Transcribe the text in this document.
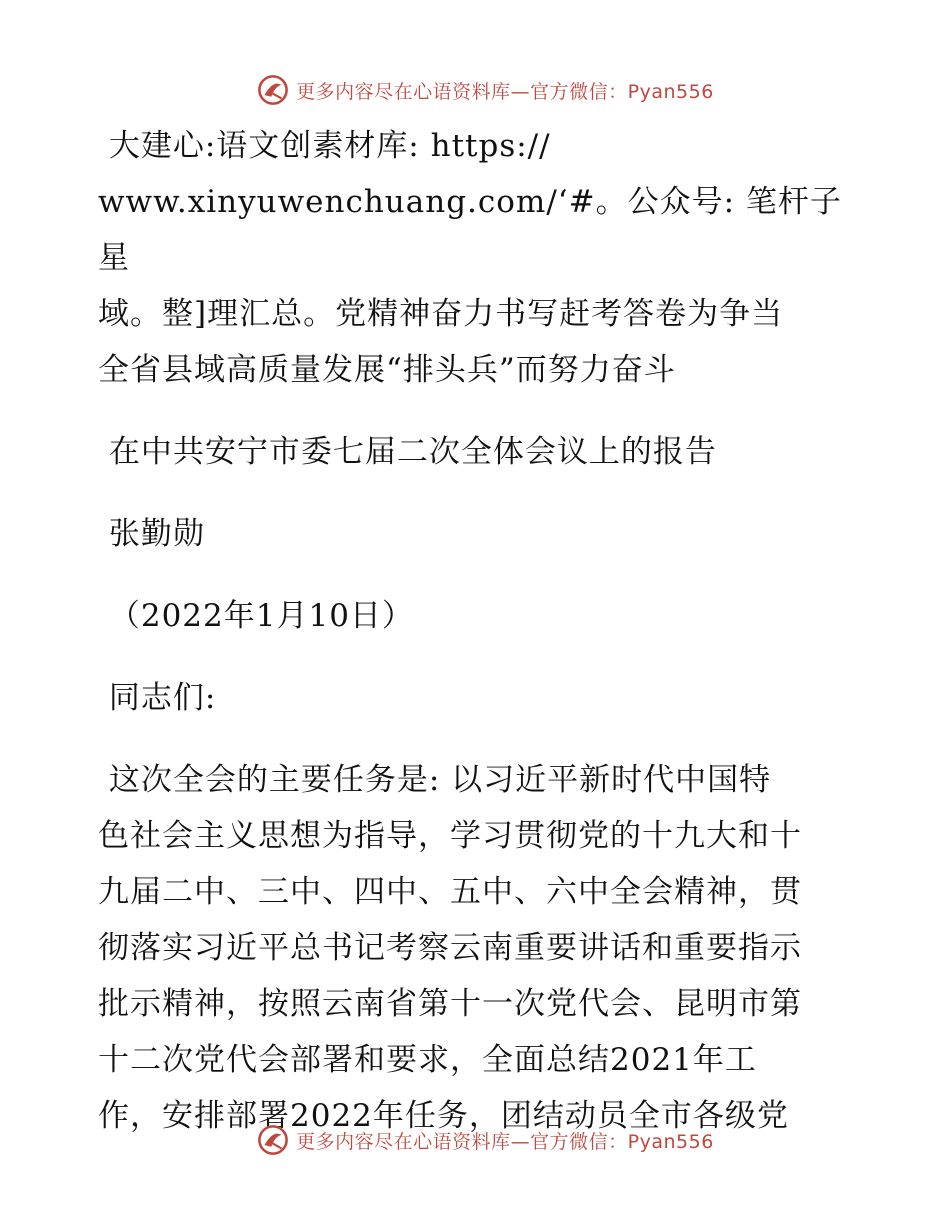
更多内容尽在心语资料库—官方微信：Pyan556

大建心:语文创素材库: https://

www.xinyuwenchuang.com/‘#。公众号: 笔杆子星

域。整]理汇总。党精神奋力书写赶考答卷为争当

全省县域高质量发展“排头兵”而努力奋斗

在中共安宁市委七届二次全体会议上的报告

张勤勋

（2022年1月10日）

同志们:

这次全会的主要任务是: 以习近平新时代中国特

色社会主义思想为指导，学习贯彻党的十九大和十

九届二中、三中、四中、五中、六中全会精神，贯

彻落实习近平总书记考察云南重要讲话和重要指示

批示精神，按照云南省第十一次党代会、昆明市第

十二次党代会部署和要求，全面总结2021年工

作，安排部署2022年任务，团结动员全市各级党

更多内容尽在心语资料库—官方微信：Pyan556
